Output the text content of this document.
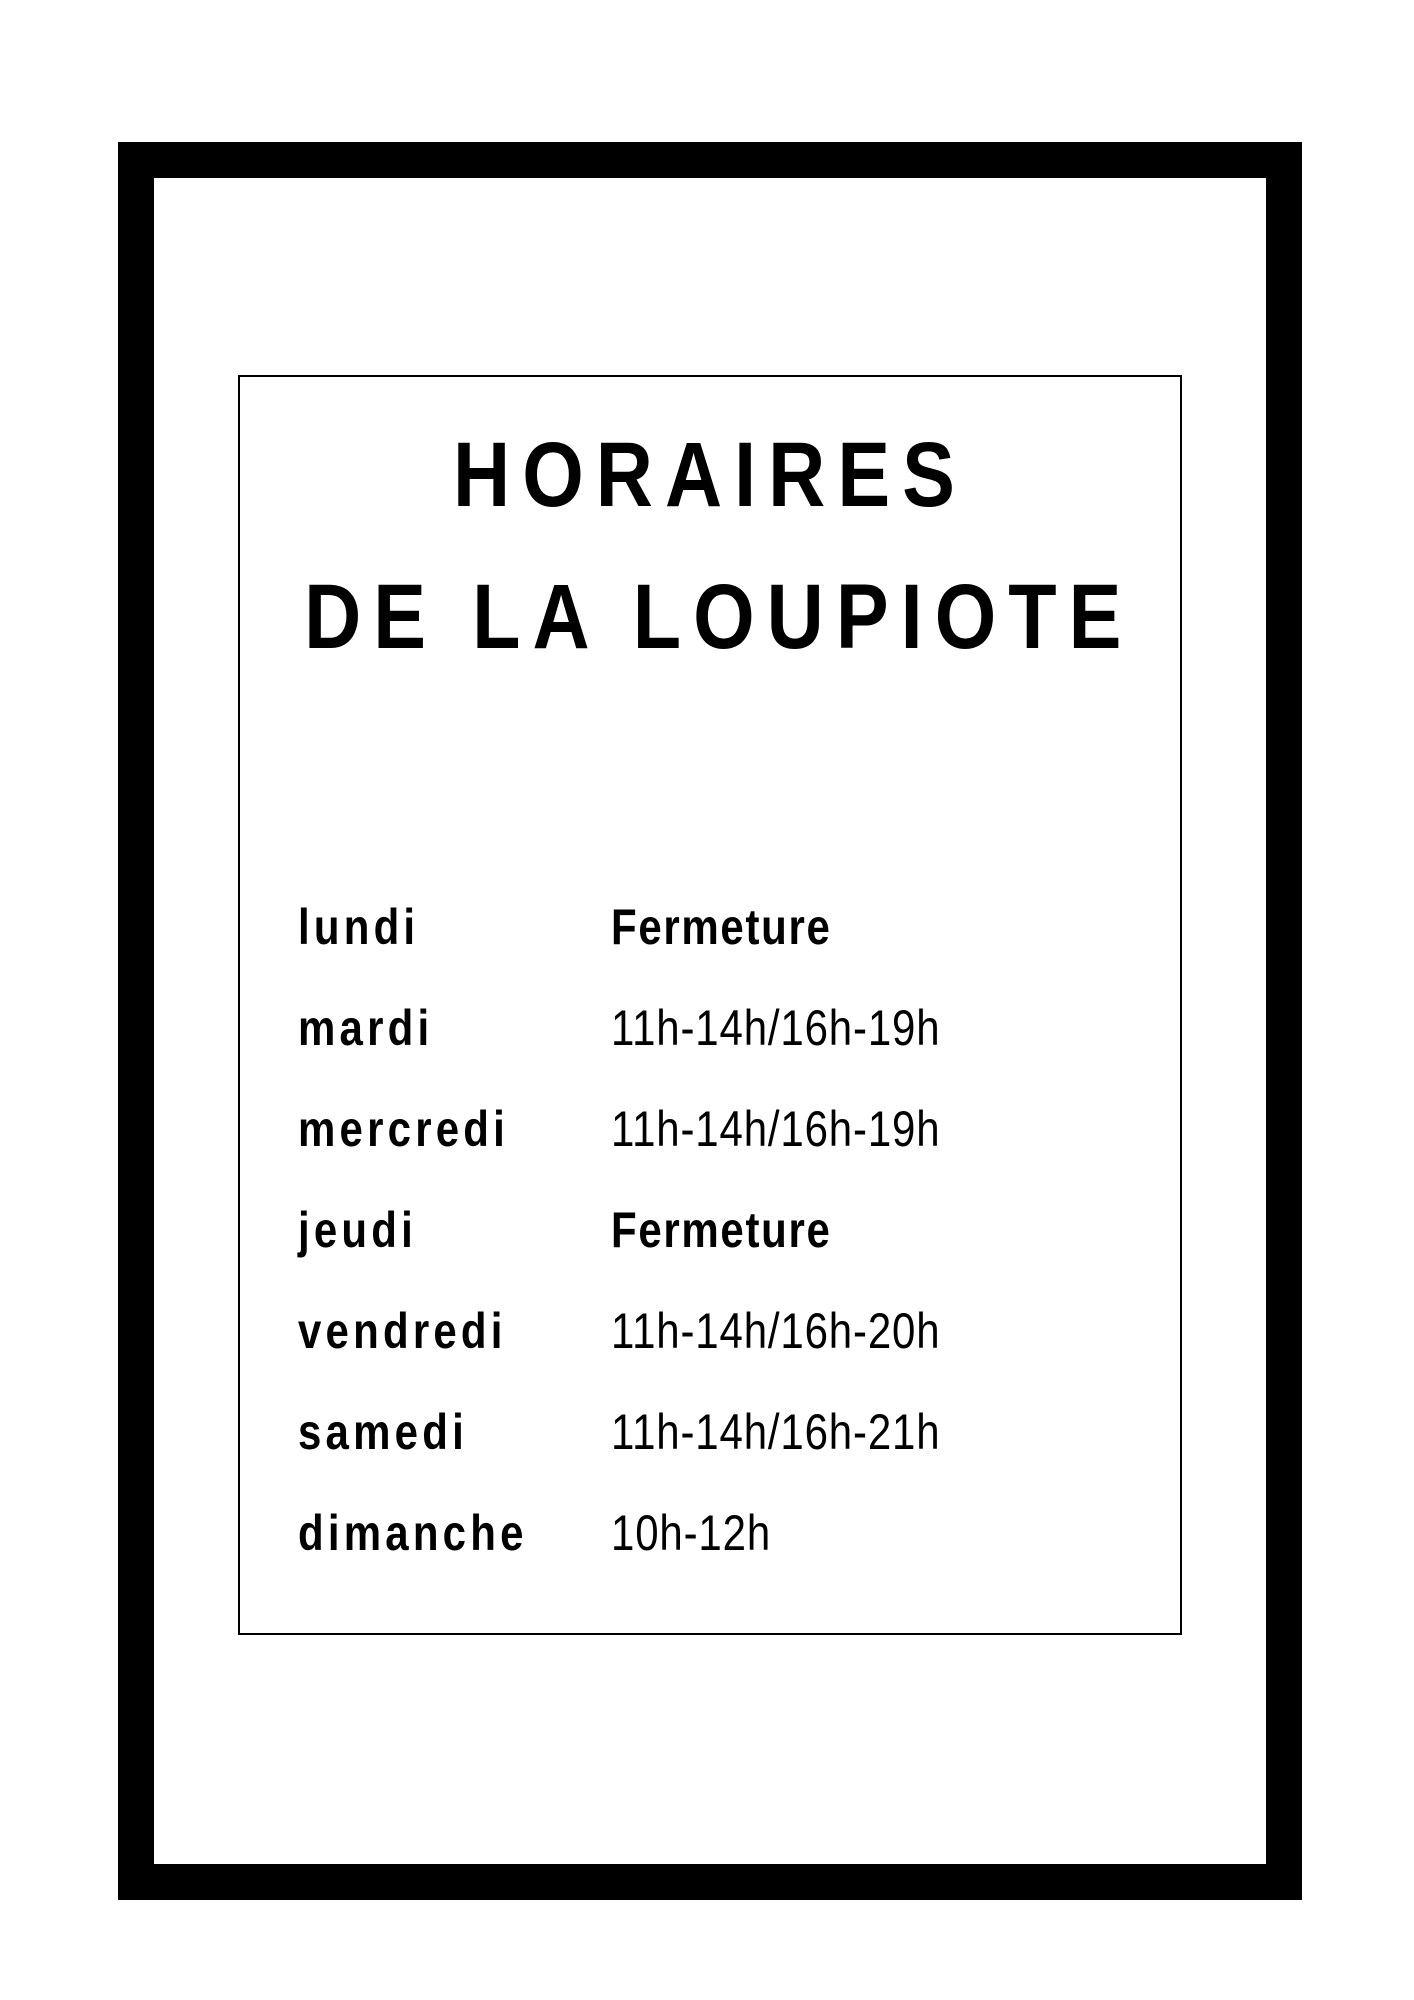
HORAIRES
DE LA LOUPIOTE
lundi	Fermeture
mardi	11h-14h/16h-19h
mercredi 11h-14h/16h-19h
jeudi	Fermeture
vendredi 11h-14h/16h-20h
samedi	11h-14h/16h-21h
dimanche 10h-12h
